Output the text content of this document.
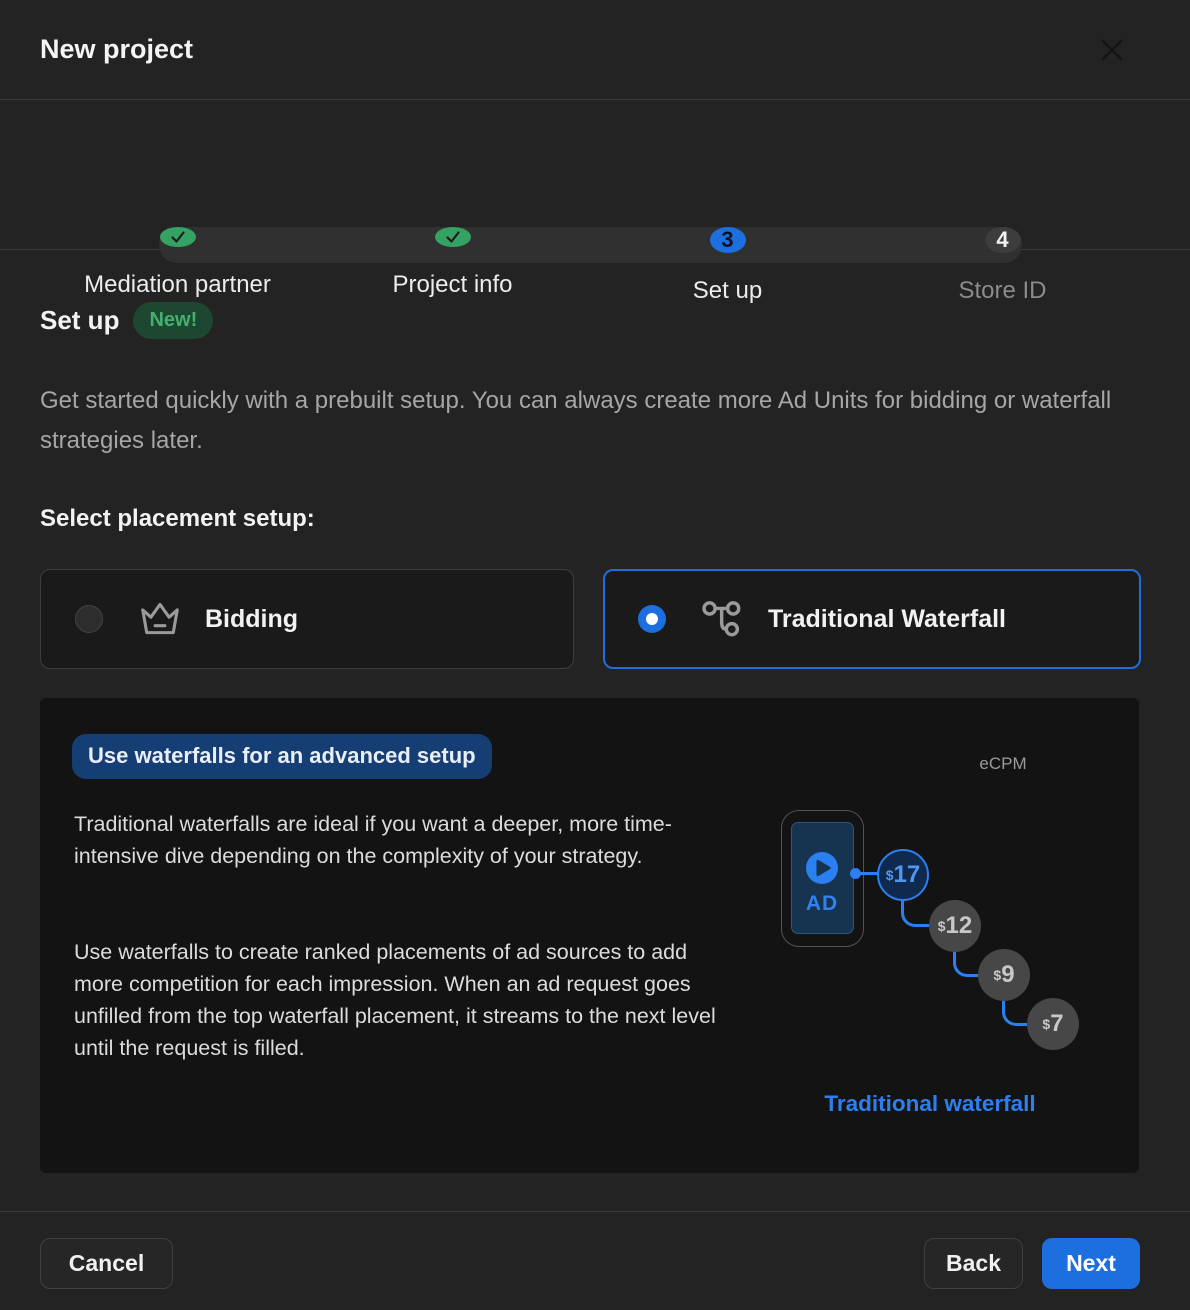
New project
Mediation partner	Project info
3
Set up
4
Store ID
Set up	New!
Get started quickly with a prebuilt setup. You can always create more Ad Units for bidding or waterfall strategies later.
Select placement setup:
Bidding	Traditional Waterfall
Use waterfalls for an advanced setup
Traditional waterfalls are ideal if you want a deeper, more time-intensive dive depending on the complexity of your strategy.
Use waterfalls to create ranked placements of ad sources to add more competition for each impression. When an ad request goes unfilled from the top waterfall placement, it streams to the next level until the request is filled.
eCPM
AD
$ 17
$ 12
$ 9
$ 7
Traditional waterfall
Cancel	Back	Next
